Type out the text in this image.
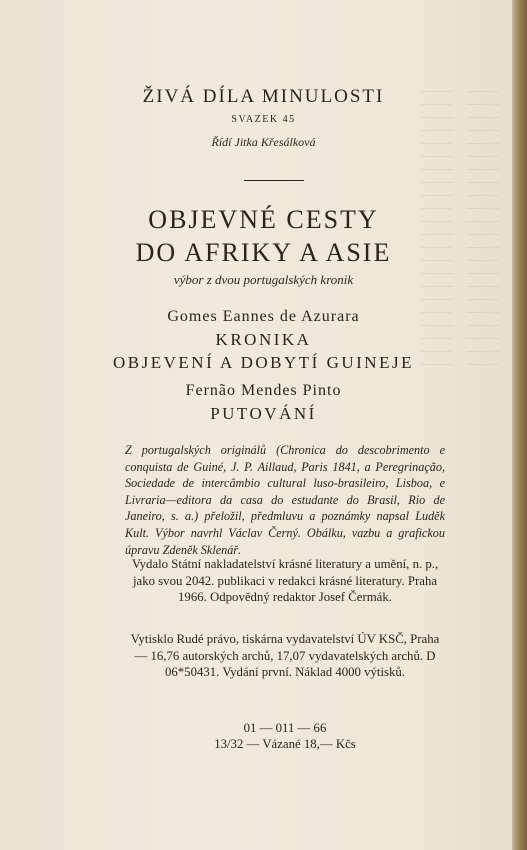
——— ———
——— ———
——— ———
——— ———
——— ———
——— ———
——— ———
——— ———
——— ———
——— ———
——— ———
——— ———
——— ———
——— ———
——— ———
——— ———
——— ———
——— ———
——— ———
——— ———
——— ———
——— ———
ŽIVÁ DÍLA MINULOSTI
SVAZEK 45
Řídí Jitka Křesálková
OBJEVNÉ CESTY
DO AFRIKY A ASIE
výbor z dvou portugalských kronik
Gomes Eannes de Azurara
KRONIKA
OBJEVENÍ A DOBYTÍ GUINEJE
Fernão Mendes Pinto
PUTOVÁNÍ
Z portugalských originálů (Chronica do descobrimento e conquista de Guiné, J. P. Aillaud, Paris 1841, a Peregrinação, Sociedade de intercâmbio cultural luso-brasileiro, Lisboa, e Livraria—editora da casa do estudante do Brasil, Rio de Janeiro, s. a.) přeložil, předmluvu a poznámky napsal Luděk Kult. Výbor navrhl Václav Černý. Obálku, vazbu a grafickou úpravu Zdeněk Sklenář.
Vydalo Státní nakladatelství krásné literatury a umění, n. p., jako svou 2042. publikaci v redakci krásné literatury. Praha 1966. Odpovědný redaktor Josef Čermák.
Vytisklo Rudé právo, tiskárna vydavatelství ÚV KSČ, Praha — 16,76 autorských archů, 17,07 vydavatelských archů. D 06*50431. Vydání první. Náklad 4000 výtisků.
01 — 011 — 66
13/32 — Vázané 18,— Kčs
